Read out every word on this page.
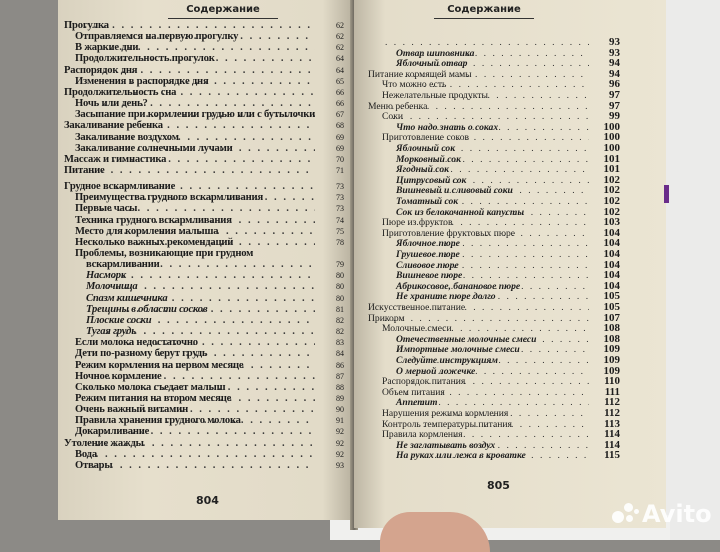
Содержание
Прогулка . . .	62
Отправляемся на первую прогулку . . .	62
В жаркие дни . . .	62
Продолжительность прогулок . . .	64
Распорядок дня . . .	64
Изменения в распорядке дня . . .	65
Продолжительность сна . . .	66
Ночь или день? . . .	66
Засыпание при кормлении грудью или с бутылочки . . .	67
Закаливание ребенка . . .	68
Закаливание воздухом . . .	69
Закаливание солнечными лучами . . .	69
Массаж и гимнастика . . .	70
Питание . . .	71
Грудное вскармливание . . .	73
Преимущества грудного вскармливания . . .	73
Первые часы . . .	73
Техника грудного вскармливания . . .	74
Место для кормления малыша . . .	75
Несколько важных рекомендаций . . .	78
Проблемы, возникающие при грудном
вскармливании . . .	79
Насморк . . .	80
Молочница . . .	80
Спазм кишечника . . .	80
Трещины в области сосков . . .	81
Плоские соски . . .	82
Тугая грудь . . .	82
Если молока недостаточно . . .	83
Дети по-разному берут грудь . . .	84
Режим кормления на первом месяце . . .	86
Ночное кормление . . .	87
Сколько молока съедает малыш . . .	88
Режим питания на втором месяце . . .	89
Очень важный витамин . . .	90
Правила хранения грудного молока . . .	91
Докармливание . . .	92
Утоление жажды . . .	92
Вода . . .	92
Отвары . . .	93
804
Содержание
. . .
93
Отвар шиповника . . .	93
Яблочный отвар . . .	94
Питание кормящей мамы . . .	94
Что можно есть . . .	96
Нежелательные продукты . . .	97
Меню ребенка . . .	97
Соки . . .	99
Что надо знать о соках . . .	100
Приготовление соков . . .	100
Яблочный сок . . .	100
Морковный сок . . .	101
Ягодный сок . . .	101
Цитрусовый сок . . .	102
Вишневый и сливовый соки . . .	102
Томатный сок . . .	102
Сок из белокочанной капусты . . .	102
Пюре из фруктов . . .	103
Приготовление фруктовых пюре . . .	104
Яблочное пюре . . .	104
Грушевое пюре . . .	104
Сливовое пюре . . .	104
Вишневое пюре . . .	104
Абрикосовое, банановое пюре . . .	104
Не храните пюре долго . . .	105
Искусственное питание . . .	105
Прикорм . . .	107
Молочные смеси . . .	108
Отечественные молочные смеси . . .	108
Импортные молочные смеси . . .	109
Следуйте инструкциям . . .	109
О мерной ложечке . . .	109
Распорядок питания . . .	110
Объем питания . . .	111
Аппетит . . .	112
Нарушения режима кормления . . .	112
Контроль температуры питания . . .	113
Правила кормления . . .	114
Не заглатывать воздух . . .	114
На руках или лежа в кроватке . . .	115
805
Avito
